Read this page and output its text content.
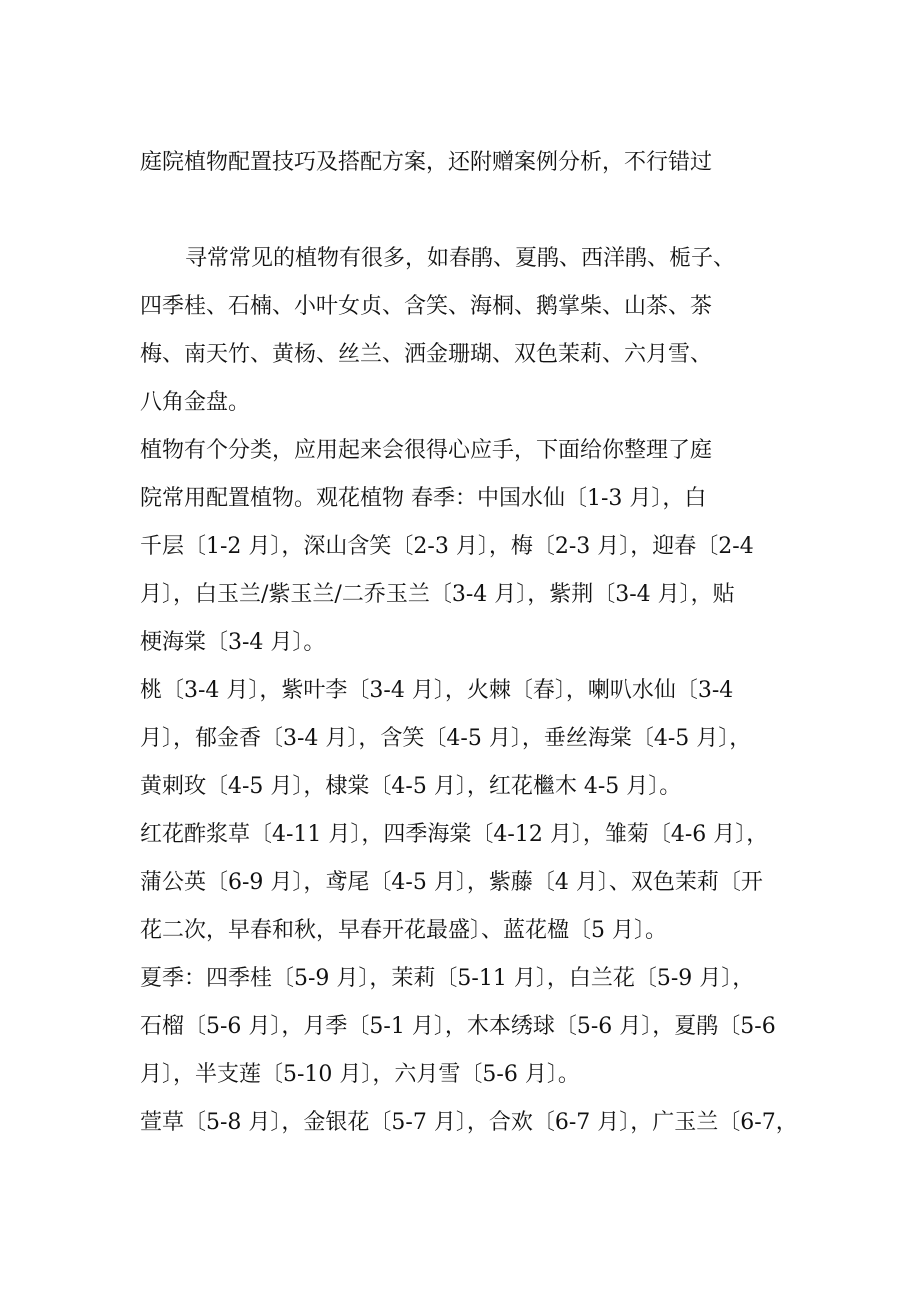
庭院植物配置技巧及搭配方案，还附赠案例分析，不行错过
寻常常见的植物有很多，如春鹃、夏鹃、西洋鹃、栀子、
四季桂、石楠、小叶女贞、含笑、海桐、鹅掌柴、山茶、茶
梅、南天竹、黄杨、丝兰、洒金珊瑚、双色茉莉、六月雪、
八角金盘。
植物有个分类，应用起来会很得心应手，下面给你整理了庭
院常用配置植物。观花植物 春季：中国水仙〔1-3 月〕，白
千层〔1-2 月〕，深山含笑〔2-3 月〕，梅〔2-3 月〕，迎春〔2-4
月〕，白玉兰/紫玉兰/二乔玉兰〔3-4 月〕，紫荆〔3-4 月〕，贴
梗海棠〔3-4 月〕。
桃〔3-4 月〕，紫叶李〔3-4 月〕，火棘〔春〕，喇叭水仙〔3-4
月〕，郁金香〔3-4 月〕，含笑〔4-5 月〕，垂丝海棠〔4-5 月〕，
黄刺玫〔4-5 月〕，棣棠〔4-5 月〕，红花檵木 4-5 月〕。
红花酢浆草〔4-11 月〕，四季海棠〔4-12 月〕，雏菊〔4-6 月〕，
蒲公英〔6-9 月〕，鸢尾〔4-5 月〕，紫藤〔4 月〕、双色茉莉〔开
花二次，早春和秋，早春开花最盛〕、蓝花楹〔5 月〕。
夏季：四季桂〔5-9 月〕，茉莉〔5-11 月〕，白兰花〔5-9 月〕，
石榴〔5-6 月〕，月季〔5-1 月〕，木本绣球〔5-6 月〕，夏鹃〔5-6
月〕，半支莲〔5-10 月〕，六月雪〔5-6 月〕。
萱草〔5-8 月〕，金银花〔5-7 月〕，合欢〔6-7 月〕，广玉兰〔6-7，
